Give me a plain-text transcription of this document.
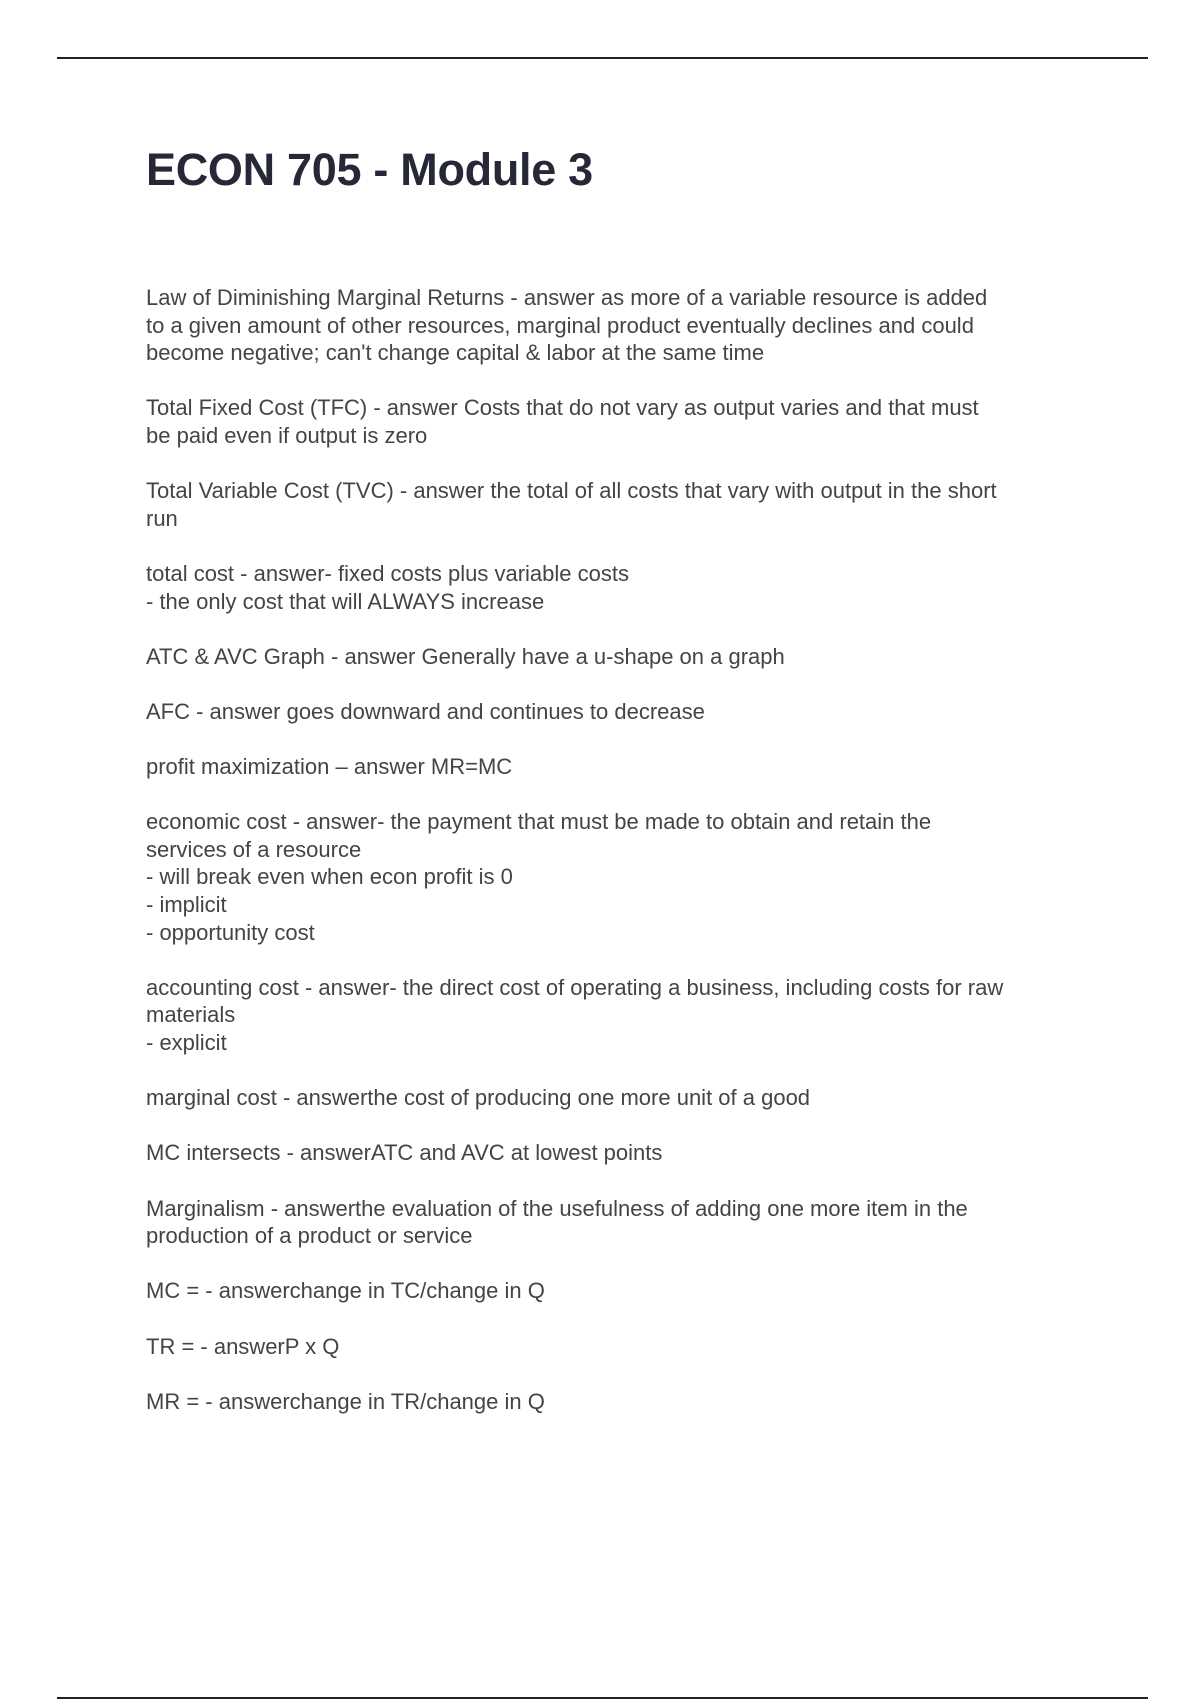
ECON 705 - Module 3
Law of Diminishing Marginal Returns - answer as more of a variable resource is added
to a given amount of other resources, marginal product eventually declines and could
become negative; can't change capital & labor at the same time
Total Fixed Cost (TFC) - answer Costs that do not vary as output varies and that must
be paid even if output is zero
Total Variable Cost (TVC) - answer the total of all costs that vary with output in the short
run
total cost - answer- fixed costs plus variable costs
- the only cost that will ALWAYS increase
ATC & AVC Graph - answer Generally have a u-shape on a graph
AFC - answer goes downward and continues to decrease
profit maximization – answer MR=MC
economic cost - answer- the payment that must be made to obtain and retain the
services of a resource
- will break even when econ profit is 0
- implicit
- opportunity cost
accounting cost - answer- the direct cost of operating a business, including costs for raw
materials
- explicit
marginal cost - answerthe cost of producing one more unit of a good
MC intersects - answerATC and AVC at lowest points
Marginalism - answerthe evaluation of the usefulness of adding one more item in the
production of a product or service
MC = - answerchange in TC/change in Q
TR = - answerP x Q
MR = - answerchange in TR/change in Q
